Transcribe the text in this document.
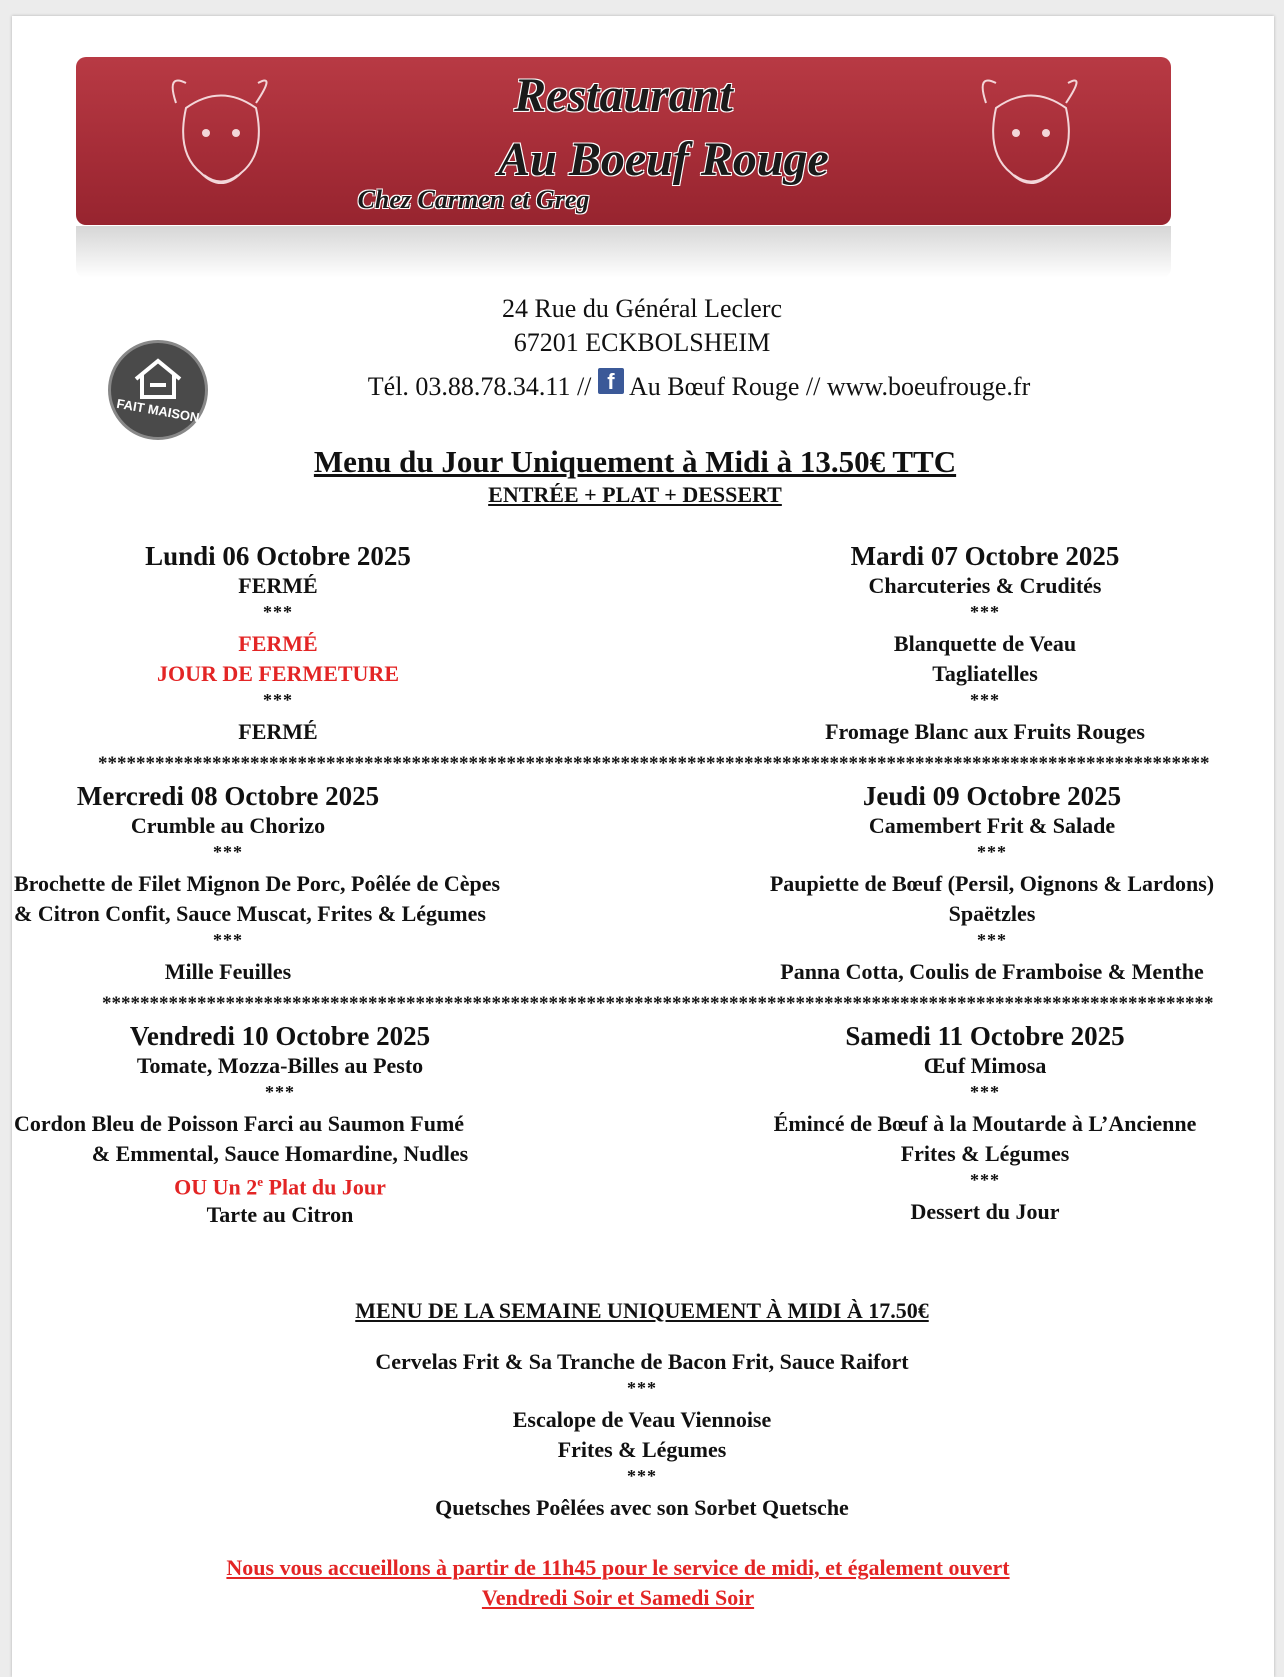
Restaurant
Au Boeuf Rouge
Chez Carmen et Greg
24 Rue du Général Leclerc
67201 ECKBOLSHEIM
Tél. 03.88.78.34.11 // f Au Bœuf Rouge // www.boeufrouge.fr
FAIT MAISON
Menu du Jour Uniquement à Midi à 13.50€ TTC
ENTRÉE + PLAT + DESSERT
Lundi 06 Octobre 2025
FERMÉ
***
FERMÉ
JOUR DE FERMETURE
***
FERMÉ
Mardi 07 Octobre 2025
Charcuteries & Crudités
***
Blanquette de Veau
Tagliatelles
***
Fromage Blanc aux Fruits Rouges
*********************************************************************************************************************
Mercredi 08 Octobre 2025
Crumble au Chorizo
***
Brochette de Filet Mignon De Porc, Poêlée de Cèpes
& Citron Confit, Sauce Muscat, Frites & Légumes
***
Mille Feuilles
Jeudi 09 Octobre 2025
Camembert Frit & Salade
***
Paupiette de Bœuf (Persil, Oignons & Lardons)
Spaëtzles
***
Panna Cotta, Coulis de Framboise & Menthe
*********************************************************************************************************************
Vendredi 10 Octobre 2025
Tomate, Mozza-Billes au Pesto
***
Cordon Bleu de Poisson Farci au Saumon Fumé
& Emmental, Sauce Homardine, Nudles
OU Un 2e Plat du Jour
Tarte au Citron
Samedi 11 Octobre 2025
Œuf Mimosa
***
Émincé de Bœuf à la Moutarde à L’Ancienne
Frites & Légumes
***
Dessert du Jour
MENU DE LA SEMAINE UNIQUEMENT À MIDI À 17.50€
Cervelas Frit & Sa Tranche de Bacon Frit, Sauce Raifort
***
Escalope de Veau Viennoise
Frites & Légumes
***
Quetsches Poêlées avec son Sorbet Quetsche
Nous vous accueillons à partir de 11h45 pour le service de midi, et également ouvert
Vendredi Soir et Samedi Soir
